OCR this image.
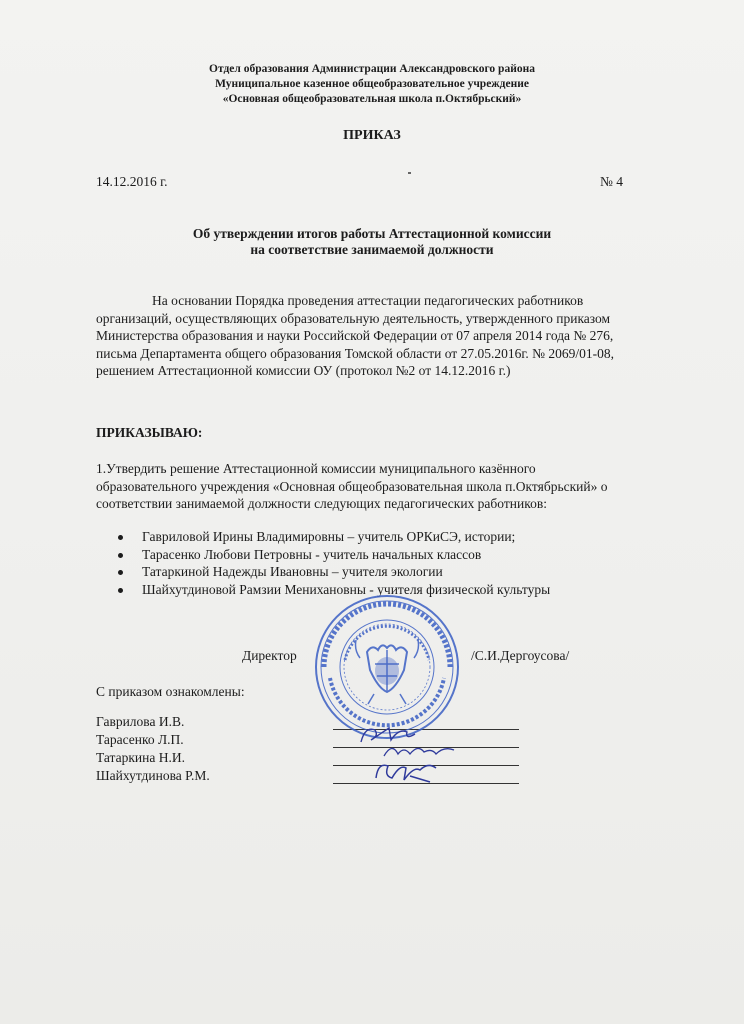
Отдел образования Администрации Александровского района
Муниципальное казенное общеобразовательное учреждение
«Основная общеобразовательная школа п.Октябрьский»
ПРИКАЗ
14.12.2016 г.	№ 4
Об утверждении итогов работы Аттестационной комиссии
на соответствие занимаемой должности
На основании Порядка проведения аттестации педагогических работников
организаций, осуществляющих образовательную деятельность, утвержденного приказом
Министерства образования и науки Российской Федерации от 07 апреля 2014 года № 276,
письма Департамента общего образования Томской области от 27.05.2016г. № 2069/01-08,
решением Аттестационной комиссии ОУ (протокол №2 от 14.12.2016 г.)
ПРИКАЗЫВАЮ:
1.Утвердить решение Аттестационной комиссии муниципального казённого
образовательного учреждения «Основная общеобразовательная школа п.Октябрьский» о
соответствии занимаемой должности следующих педагогических работников:
Гавриловой Ирины Владимировны – учитель ОРКиСЭ, истории;
Тарасенко Любови Петровны - учитель начальных классов
Татаркиной Надежды Ивановны – учителя экологии
Шайхутдиновой Рамзии Менихановны - учителя физической культуры
Директор	/С.И.Дергоусова/
С приказом ознакомлены:
Гаврилова И.В.
Тарасенко Л.П.
Татаркина Н.И.
Шайхутдинова Р.М.
